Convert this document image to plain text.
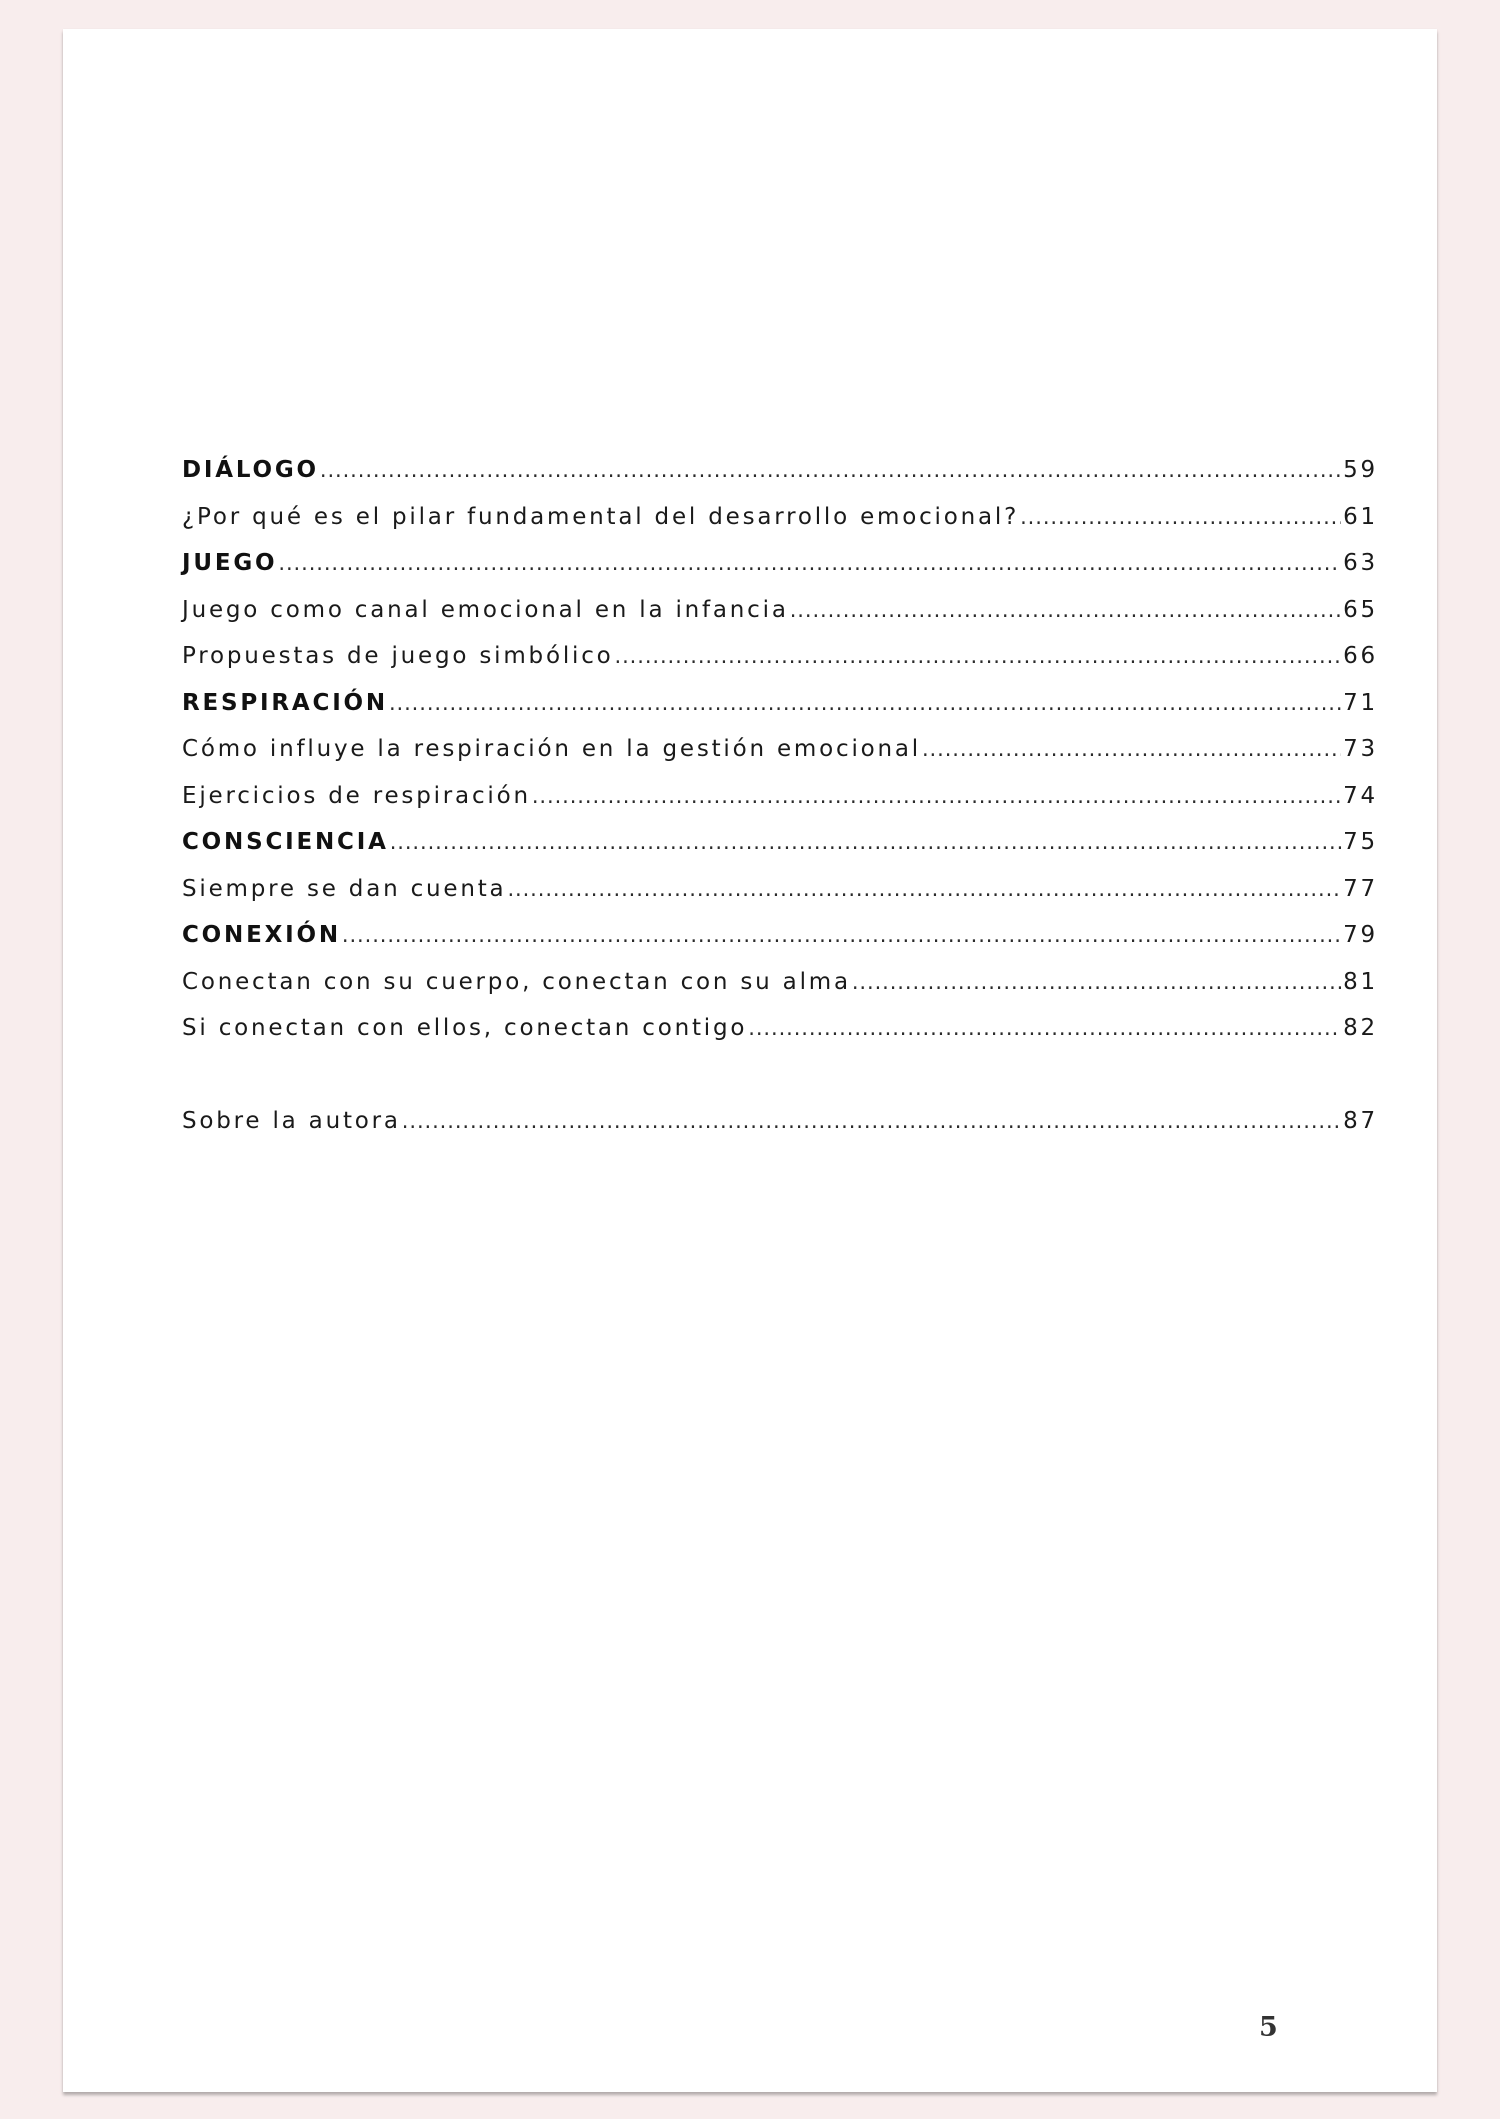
DIÁLOGO .....	59
¿Por qué es el pilar fundamental del desarrollo emocional? .....	61
JUEGO .....	63
Juego como canal emocional en la infancia .....	65
Propuestas de juego simbólico .....	66
RESPIRACIÓN .....	71
Cómo influye la respiración en la gestión emocional .....	73
Ejercicios de respiración .....	74
CONSCIENCIA .....	75
Siempre se dan cuenta .....	77
CONEXIÓN .....	79
Conectan con su cuerpo, conectan con su alma .....	81
Si conectan con ellos, conectan contigo .....	82
Sobre la autora .....	87
5
